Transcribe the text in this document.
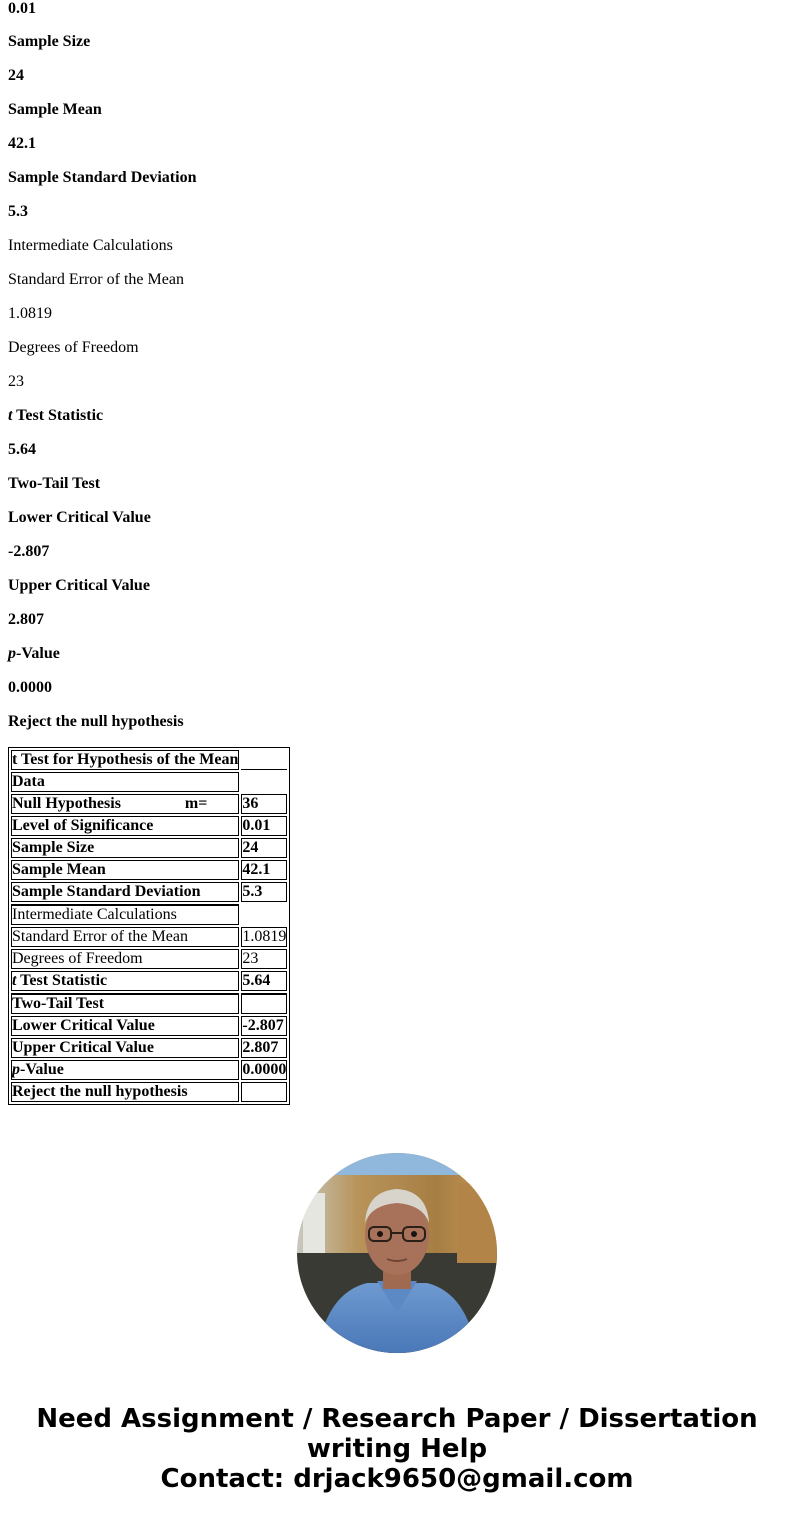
0.01
Sample Size
24
Sample Mean
42.1
Sample Standard Deviation
5.3
Intermediate Calculations
Standard Error of the Mean
1.0819
Degrees of Freedom
23
t Test Statistic
5.64
Two-Tail Test
Lower Critical Value
-2.807
Upper Critical Value
2.807
p-Value
0.0000
Reject the null hypothesis
t Test for Hypothesis of the Mean	
Data	
Null Hypothesis m=	36
Level of Significance	0.01
Sample Size	24
Sample Mean	42.1
Sample Standard Deviation	5.3
Intermediate Calculations	
Standard Error of the Mean	1.0819
Degrees of Freedom	23
t Test Statistic	5.64
Two-Tail Test	
Lower Critical Value	-2.807
Upper Critical Value	2.807
p-Value	0.0000
Reject the null hypothesis	
Need Assignment / Research Paper / Dissertation
writing Help
Contact: drjack9650@gmail.com
